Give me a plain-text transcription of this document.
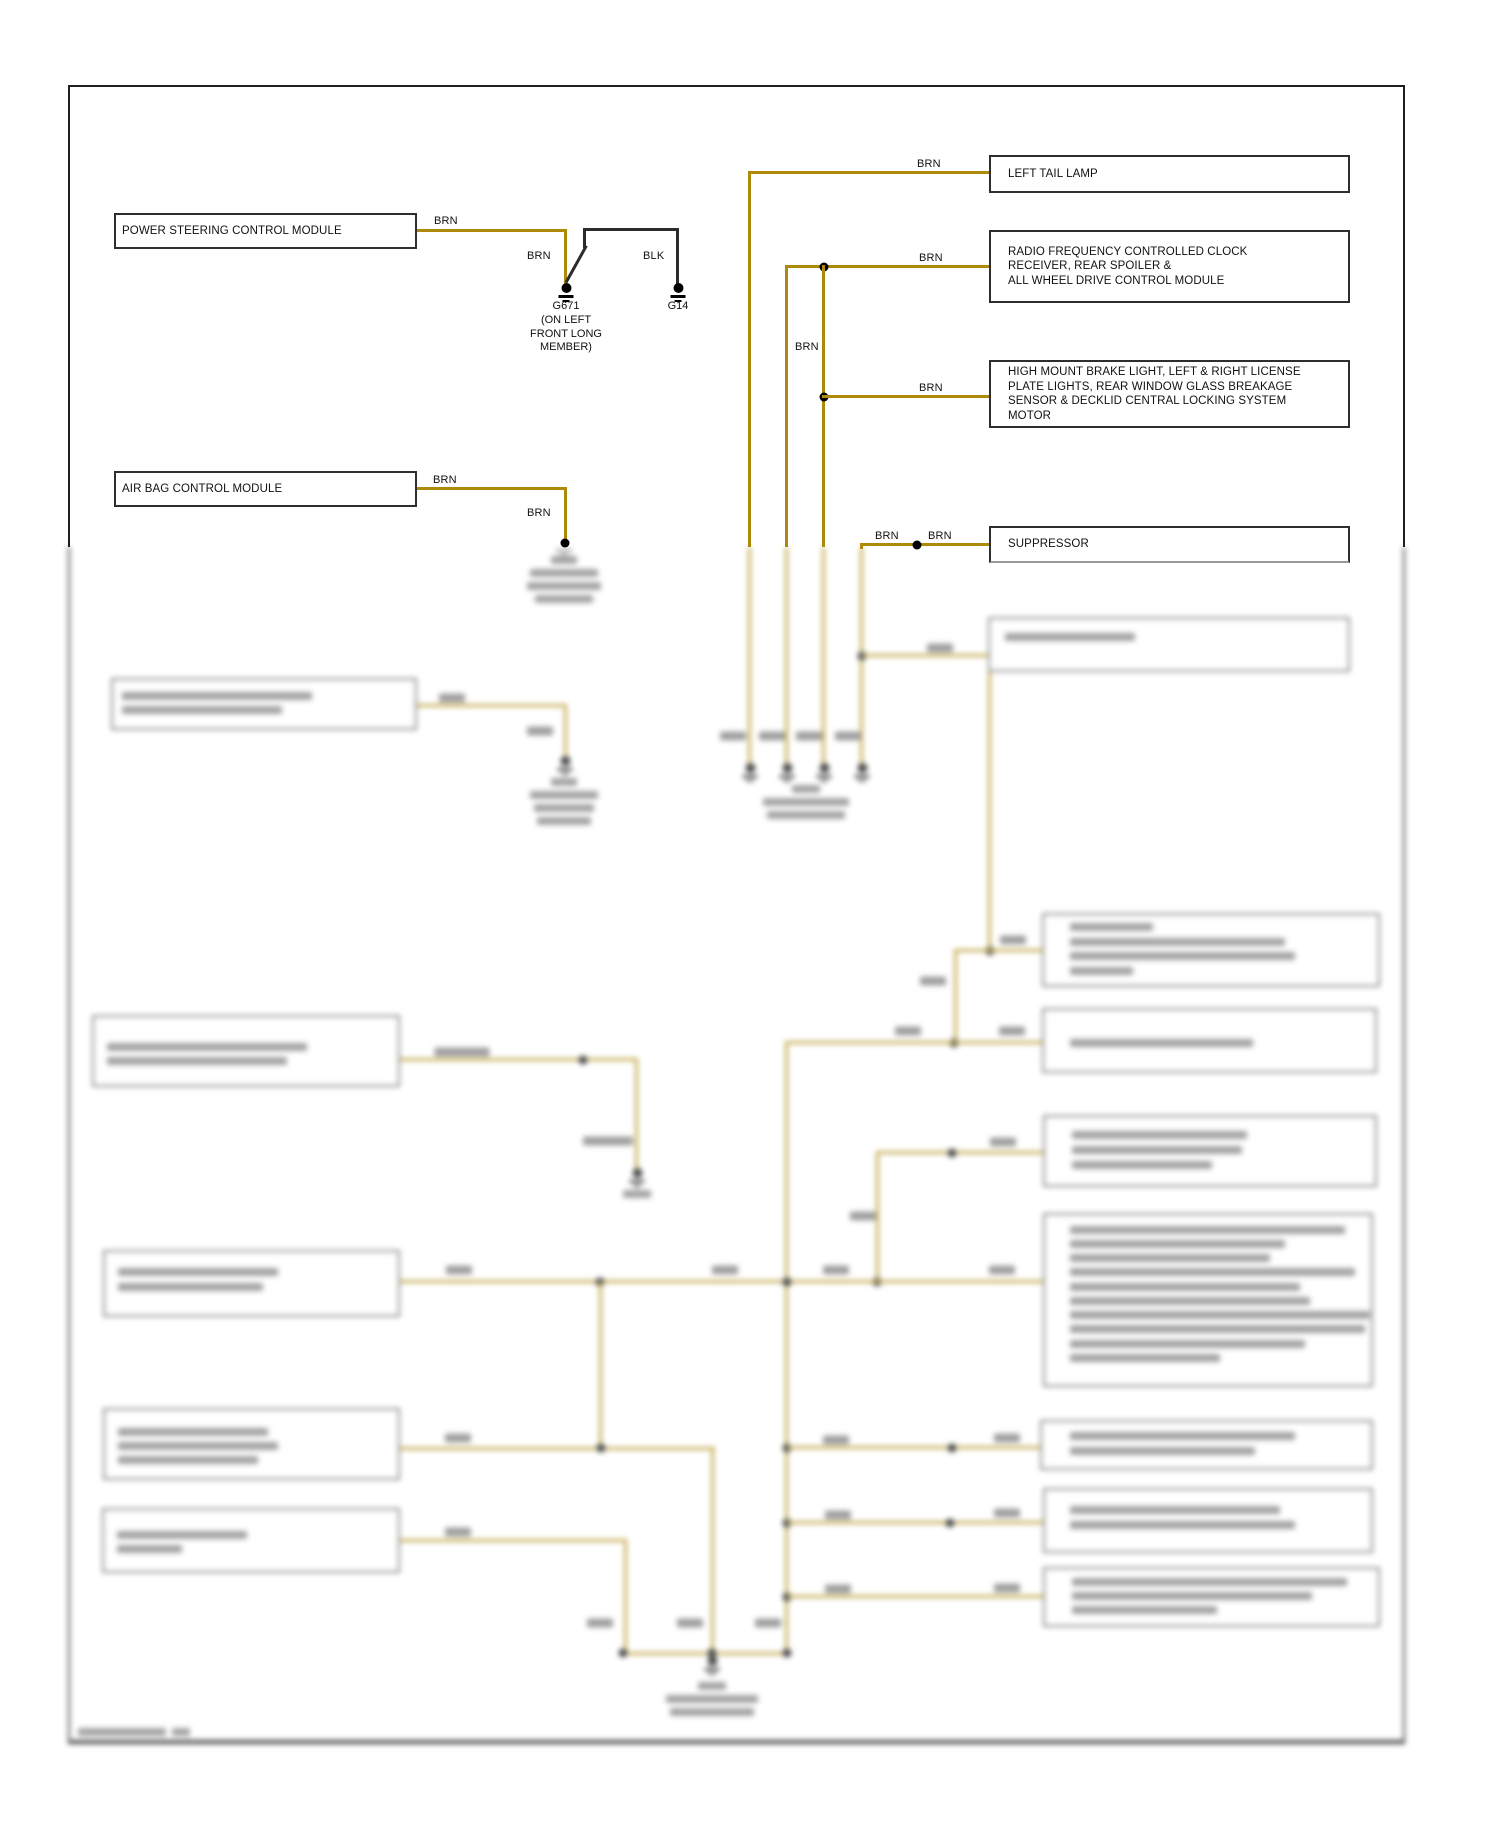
POWER STEERING CONTROL MODULE
BRN
BRN	BLK
G671
(ON LEFT
FRONT LONG
MEMBER)
G14
BRN
BRN
BRN
BRN
AIR BAG CONTROL MODULE
BRN
BRN
BRN	BRN
LEFT TAIL LAMP
RADIO FREQUENCY CONTROLLED CLOCK
RECEIVER, REAR SPOILER &
ALL WHEEL DRIVE CONTROL MODULE
HIGH MOUNT BRAKE LIGHT, LEFT & RIGHT LICENSE
PLATE LIGHTS, REAR WINDOW GLASS BREAKAGE
SENSOR & DECKLID CENTRAL LOCKING SYSTEM
MOTOR
SUPPRESSOR
